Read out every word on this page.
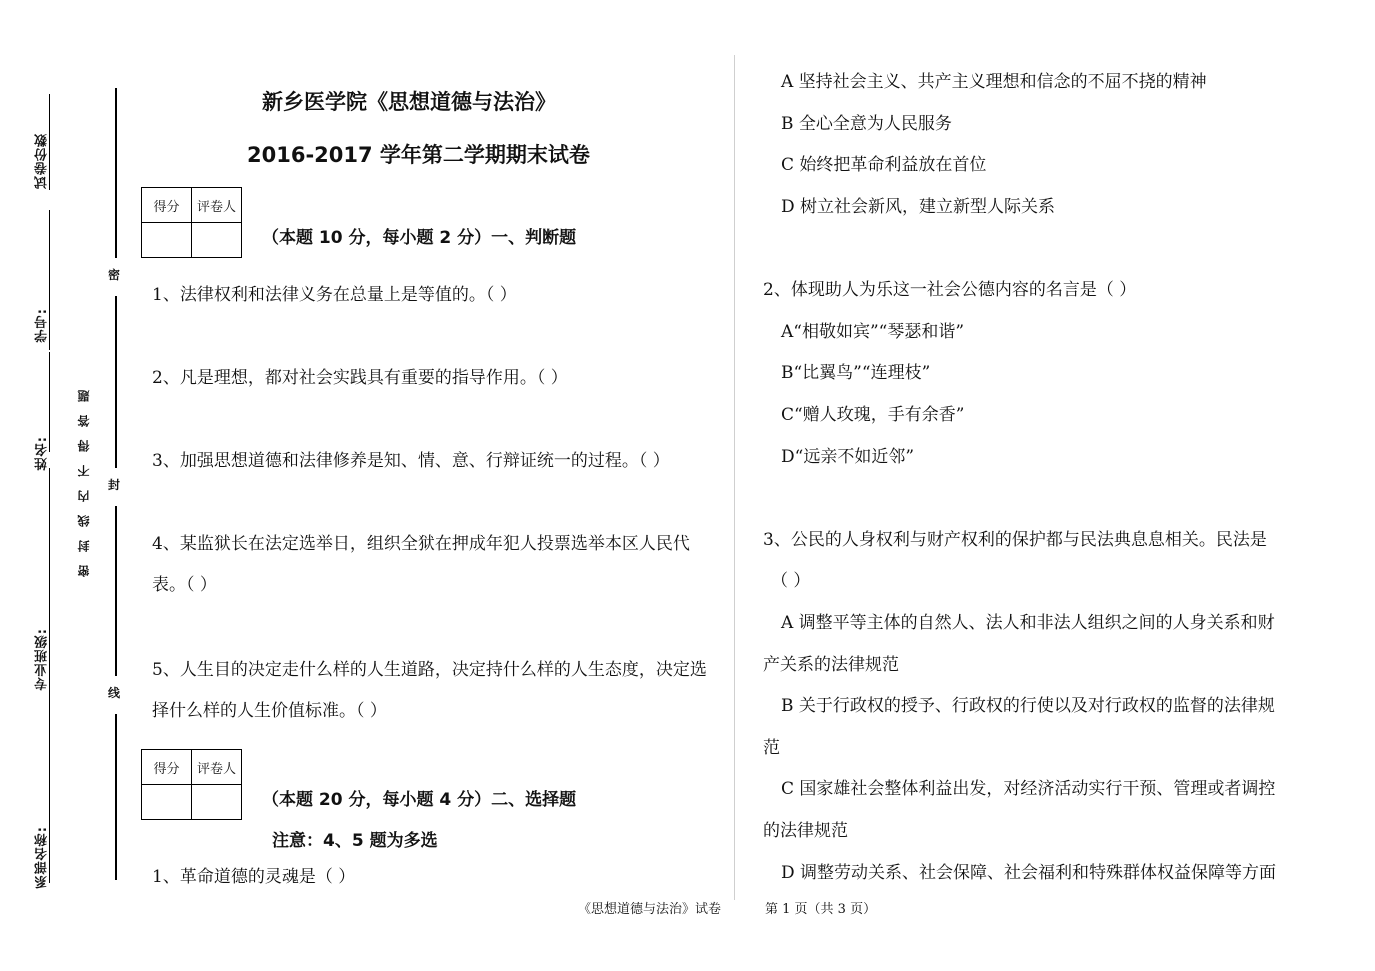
试卷份数
学号:
姓名:
专业班级:
系部名称:
密
封
线
密封线内不得答题
新乡医学院《思想道德与法治》
2016-2017 学年第二学期期末试卷
得分	评卷人

（本题 10 分，每小题 2 分）一、判断题
1、法律权利和法律义务在总量上是等值的。（ ）
2、凡是理想，都对社会实践具有重要的指导作用。（ ）
3、加强思想道德和法律修养是知、情、意、行辩证统一的过程。（ ）
4、某监狱长在法定选举日，组织全狱在押成年犯人投票选举本区人民代表。（ ）
5、人生目的决定走什么样的人生道路，决定持什么样的人生态度，决定选择什么样的人生价值标准。（ ）
得分	评卷人

（本题 20 分，每小题 4 分）二、选择题
注意：4、5 题为多选
1、革命道德的灵魂是（ ）
A 坚持社会主义、共产主义理想和信念的不屈不挠的精神
B 全心全意为人民服务
C 始终把革命利益放在首位
D 树立社会新风，建立新型人际关系
2、体现助人为乐这一社会公德内容的名言是（ ）
A“相敬如宾”“琴瑟和谐”
B“比翼鸟”“连理枝”
C“赠人玫瑰，手有余香”
D“远亲不如近邻”
3、公民的人身权利与财产权利的保护都与民法典息息相关。民法是
（ ）
A 调整平等主体的自然人、法人和非法人组织之间的人身关系和财
产关系的法律规范
B 关于行政权的授予、行政权的行使以及对行政权的监督的法律规
范
C 国家雄社会整体利益出发，对经济活动实行干预、管理或者调控
的法律规范
D 调整劳动关系、社会保障、社会福利和特殊群体权益保障等方面
《思想道德与法治》试卷	第 1 页（共 3 页）
